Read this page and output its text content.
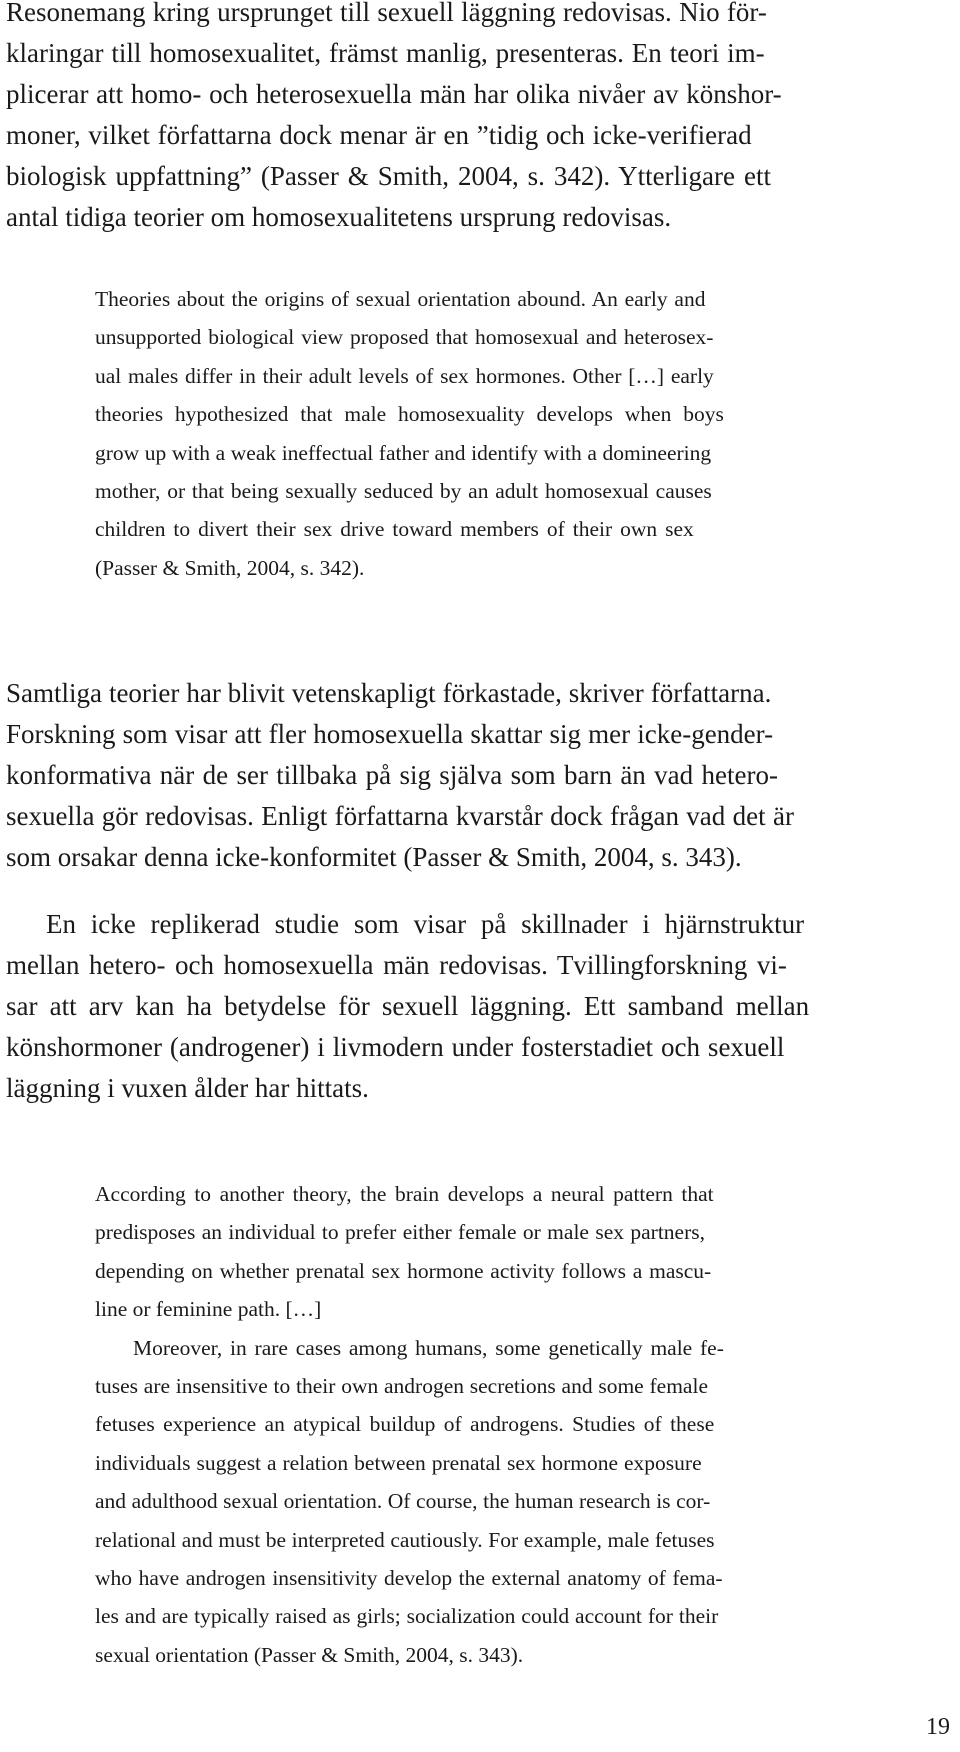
Resonemang kring ursprunget till sexuell läggning redovisas. Nio för-
klaringar till homosexualitet, främst manlig, presenteras. En teori im-
plicerar att homo- och heterosexuella män har olika nivåer av könshor-
moner, vilket författarna dock menar är en ”tidig och icke-verifierad
biologisk uppfattning” (Passer & Smith, 2004, s. 342). Ytterligare ett
antal tidiga teorier om homosexualitetens ursprung redovisas.
Theories about the origins of sexual orientation abound. An early and
unsupported biological view proposed that homosexual and heterosex-
ual males differ in their adult levels of sex hormones. Other […] early
theories hypothesized that male homosexuality develops when boys
grow up with a weak ineffectual father and identify with a domineering
mother, or that being sexually seduced by an adult homosexual causes
children to divert their sex drive toward members of their own sex
(Passer & Smith, 2004, s. 342).
Samtliga teorier har blivit vetenskapligt förkastade, skriver författarna.
Forskning som visar att fler homosexuella skattar sig mer icke-gender-
konformativa när de ser tillbaka på sig själva som barn än vad hetero-
sexuella gör redovisas. Enligt författarna kvarstår dock frågan vad det är
som orsakar denna icke-konformitet (Passer & Smith, 2004, s. 343).
En icke replikerad studie som visar på skillnader i hjärnstruktur
mellan hetero- och homosexuella män redovisas. Tvillingforskning vi-
sar att arv kan ha betydelse för sexuell läggning. Ett samband mellan
könshormoner (androgener) i livmodern under fosterstadiet och sexuell
läggning i vuxen ålder har hittats.
According to another theory, the brain develops a neural pattern that
predisposes an individual to prefer either female or male sex partners,
depending on whether prenatal sex hormone activity follows a mascu-
line or feminine path. […]
Moreover, in rare cases among humans, some genetically male fe-
tuses are insensitive to their own androgen secretions and some female
fetuses experience an atypical buildup of androgens. Studies of these
individuals suggest a relation between prenatal sex hormone exposure
and adulthood sexual orientation. Of course, the human research is cor-
relational and must be interpreted cautiously. For example, male fetuses
who have androgen insensitivity develop the external anatomy of fema-
les and are typically raised as girls; socialization could account for their
sexual orientation (Passer & Smith, 2004, s. 343).
19
